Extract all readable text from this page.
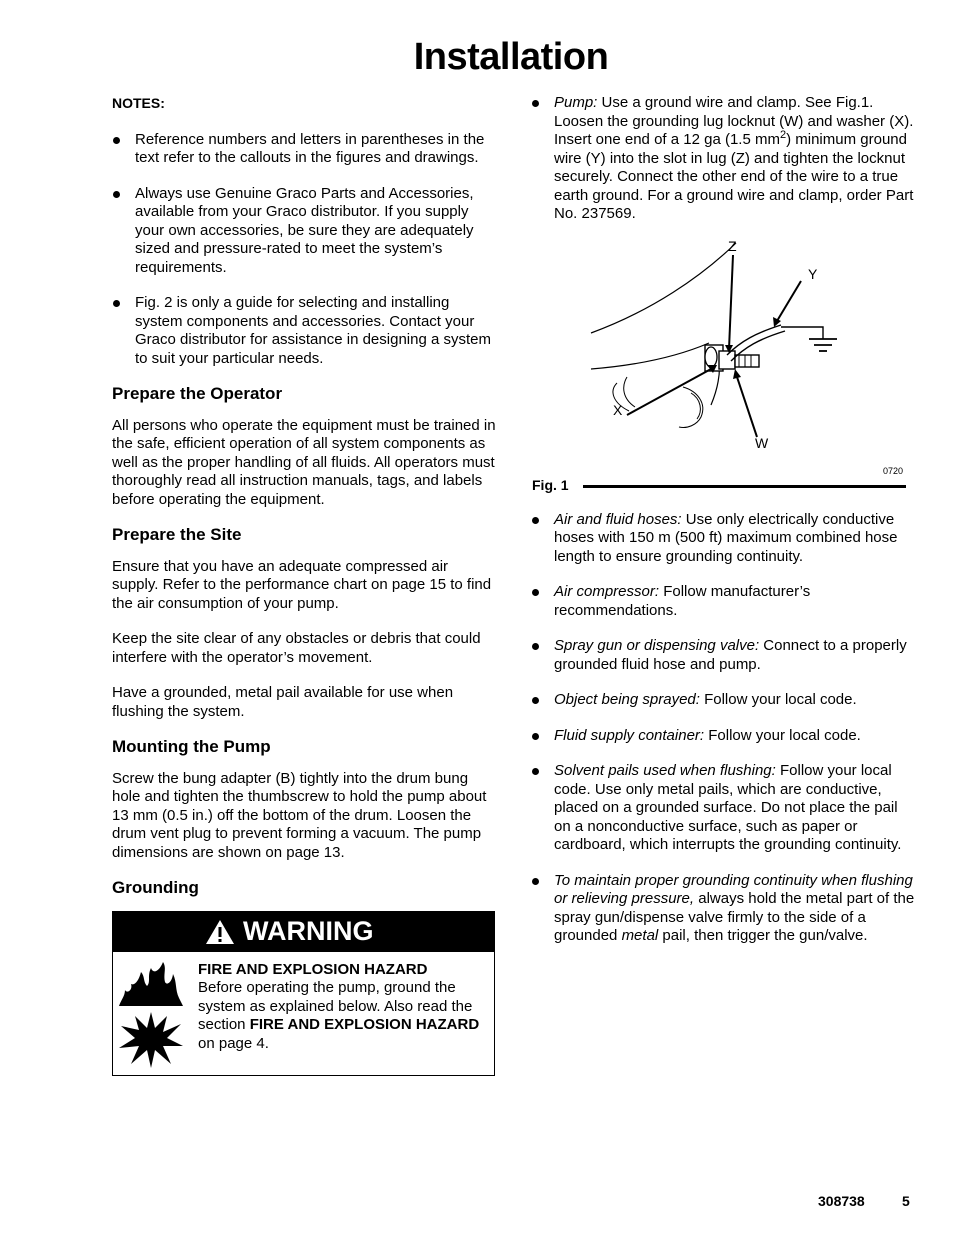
Installation
NOTES:
Reference numbers and letters in parentheses in the text refer to the callouts in the figures and drawings.
Always use Genuine Graco Parts and Accessories, available from your Graco distributor. If you supply your own accessories, be sure they are adequately sized and pressure-rated to meet the system’s requirements.
Fig. 2 is only a guide for selecting and installing system components and accessories. Contact your Graco distributor for assistance in designing a system to suit your particular needs.
Prepare the Operator

All persons who operate the equipment must be trained in the safe, efficient operation of all system components as well as the proper handling of all fluids. All operators must thoroughly read all instruction manuals, tags, and labels before operating the equipment.

Prepare the Site

Ensure that you have an adequate compressed air supply. Refer to the performance chart on page 15 to find the air consumption of your pump.

Keep the site clear of any obstacles or debris that could interfere with the operator’s movement.

Have a grounded, metal pail available for use when flushing the system.

Mounting the Pump

Screw the bung adapter (B) tightly into the drum bung hole and tighten the thumbscrew to hold the pump about 13 mm (0.5 in.) off the bottom of the drum. Loosen the drum vent plug to prevent forming a vacuum. The pump dimensions are shown on page 13.

Grounding
WARNING
FIRE AND EXPLOSION HAZARD
Before operating the pump, ground the system as explained below. Also read the section FIRE AND EXPLOSION HAZARD on page 4.
Pump: Use a ground wire and clamp. See Fig.1. Loosen the grounding lug locknut (W) and washer (X). Insert one end of a 12 ga (1.5 $mm^2$) minimum ground wire (Y) into the slot in lug (Z) and tighten the locknut securely. Connect the other end of the wire to a true earth ground. For a ground wire and clamp, order Part No. 237569.
Z
Y
X
W
0720
Fig. 1
Air and fluid hoses: Use only electrically conductive hoses with 150 m (500 ft) maximum combined hose length to ensure grounding continuity.
Air compressor: Follow manufacturer’s recommendations.
Spray gun or dispensing valve: Connect to a properly grounded fluid hose and pump.
Object being sprayed: Follow your local code.
Fluid supply container: Follow your local code.
Solvent pails used when flushing: Follow your local code. Use only metal pails, which are conductive, placed on a grounded surface. Do not place the pail on a nonconductive surface, such as paper or cardboard, which interrupts the grounding continuity.
To maintain proper grounding continuity when flushing or relieving pressure, always hold the metal part of the spray gun/dispense valve firmly to the side of a grounded metal pail, then trigger the gun/valve.
308738	5
